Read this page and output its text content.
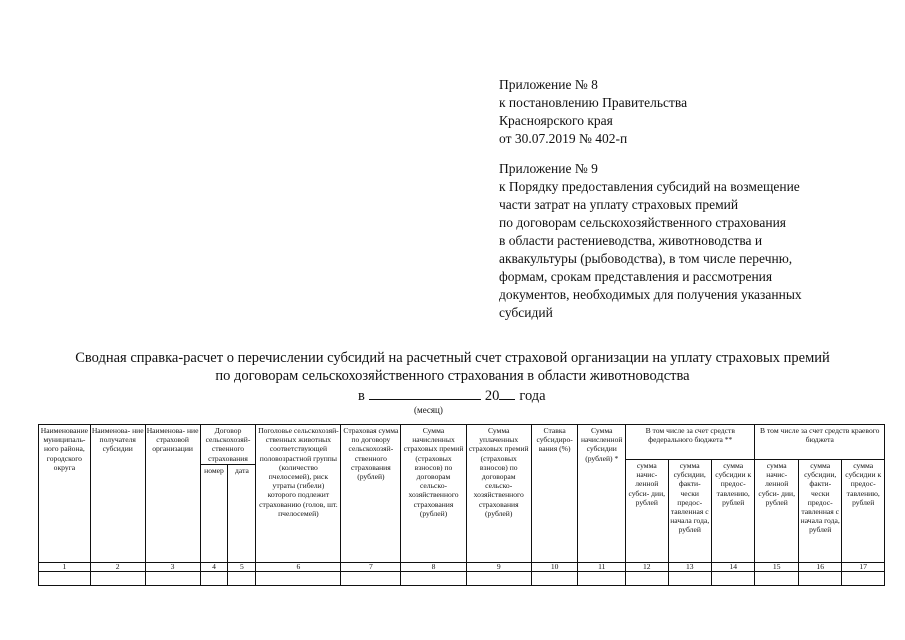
Приложение № 8
к постановлению Правительства
Красноярского края
от 30.07.2019 № 402-п
Приложение № 9
к Порядку предоставления субсидий на возмещение
части затрат на уплату страховых премий
по договорам сельскохозяйственного страхования
в области растениеводства, животноводства и
аквакультуры (рыбоводства), в том числе перечню,
формам, срокам представления и рассмотрения
документов, необходимых для получения указанных
субсидий
Сводная справка-расчет о перечислении субсидий на расчетный счет страховой организации на уплату страховых премий
по договорам сельскохозяйственного страхования в области животноводства
в	20 года
(месяц)
Наименование муниципаль- ного района, городского округа	Наименова- ние получателя субсидии	Наименова- ние страховой организации	Договор сельскохозяй- ственного страхования		Поголовье сельскохозяй- ственных животных соответствующей половозрастной группы (количество пчелосемей), риск утраты (гибели) которого подлежит страхованию (голов, шт. пчелосемей)	Страховая сумма по договору сельскохозяй- ственного страхования (рублей)	Сумма начисленных страховых премий (страховых взносов) по договорам сельско- хозяйственного страхования (рублей)	Сумма уплаченных страховых премий (страховых взносов) по договорам сельско- хозяйственного страхования (рублей)	Ставка субсидиро- вания (%)	Сумма начисленной субсидии (рублей) *	В том числе за счет средств федерального бюджета **			В том числе за счет средств краевого бюджета		
											сумма начис- ленной субси- дии, рублей	сумма субсидии, факти- чески предос- тавленная с начала года, рублей	сумма субсидии к предос- тавлению, рублей	сумма начис- ленной субси- дии, рублей	сумма субсидии, факти- чески предос- тавленная с начала года, рублей	сумма субсидии к предос- тавлению, рублей
			номер	дата												
1	2	3	4	5	6	7	8	9	10	11	12	13	14	15	16	17
